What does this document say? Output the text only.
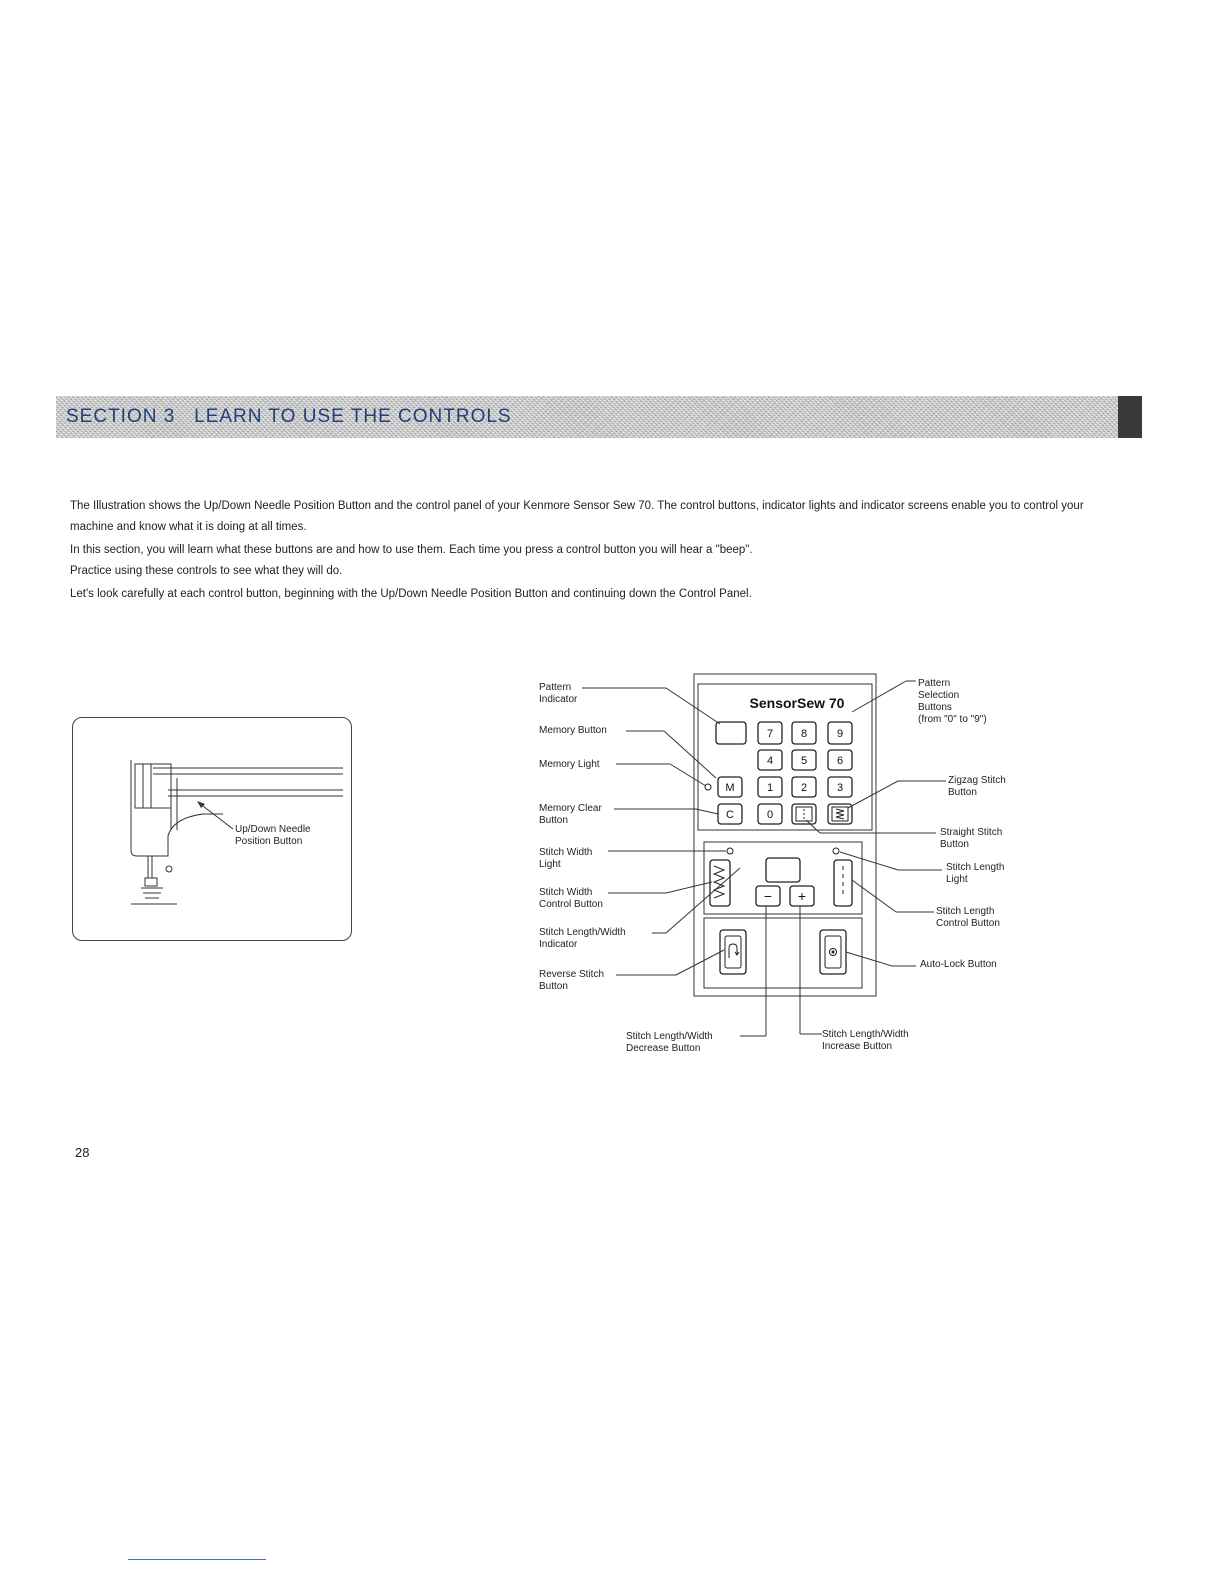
SECTION 3   LEARN TO USE THE CONTROLS

The Illustration shows the Up/Down Needle Position Button and the control panel of your Kenmore Sensor Sew 70. The control buttons, indicator lights and indicator screens enable you to control your machine and know what it is doing at all times.

In this section, you will learn what these buttons are and how to use them. Each time you press a control button you will hear a "beep".

Practice using these controls to see what they will do.

Let's look carefully at each control button, beginning with the Up/Down Needle Position Button and continuing down the Control Panel.

Up/Down Needle
Position Button
SensorSew 70
7	8	9
4	5	6
M	1	2	3
C	0
− +
Pattern
Indicator
Memory Button
Memory Light
Memory Clear
Button
Stitch Width
Light
Stitch Width
Control Button
Stitch Length/Width
Indicator
Reverse Stitch
Button
Pattern
Selection
Buttons
(from "0" to "9")
Zigzag Stitch
Button
Straight Stitch
Button
Stitch Length
Light
Stitch Length
Control Button
Auto-Lock Button
Stitch Length/Width
Decrease Button
Stitch Length/Width
Increase Button
28
